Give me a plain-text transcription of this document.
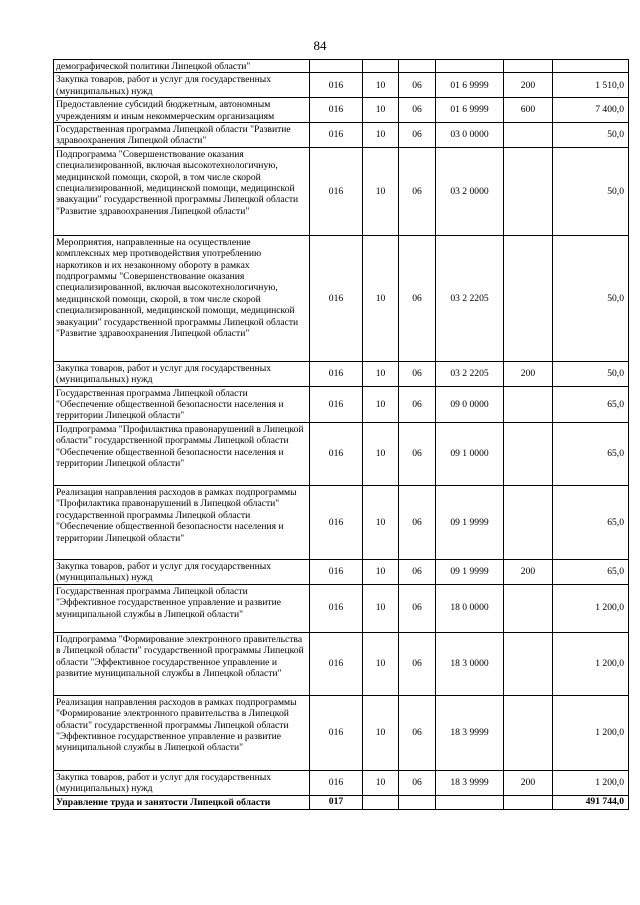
84
демографической политики Липецкой области"						
Закупка товаров, работ и услуг для государственных (муниципальных) нужд	016	10	06	01 6 9999	200	1 510,0
Предоставление субсидий бюджетным, автономным учреждениям и иным некоммерческим организациям	016	10	06	01 6 9999	600	7 400,0
Государственная программа Липецкой области "Развитие здравоохранения Липецкой области"	016	10	06	03 0 0000		50,0
Подпрограмма "Совершенствование оказания специализированной, включая высокотехнологичную, медицинской помощи, скорой, в том числе скорой специализированной, медицинской помощи, медицинской эвакуации" государственной программы Липецкой области "Развитие здравоохранения Липецкой области"	016	10	06	03 2 0000		50,0
Мероприятия, направленные на осуществление комплексных мер противодействия употреблению наркотиков и их незаконному обороту в рамках подпрограммы "Совершенствование оказания специализированной, включая высокотехнологичную, медицинской помощи, скорой, в том числе скорой специализированной, медицинской помощи, медицинской эвакуации" государственной программы Липецкой области "Развитие здравоохранения Липецкой области"	016	10	06	03 2 2205		50,0
Закупка товаров, работ и услуг для государственных (муниципальных) нужд	016	10	06	03 2 2205	200	50,0
Государственная программа Липецкой области "Обеспечение общественной безопасности населения и территории Липецкой области"	016	10	06	09 0 0000		65,0
Подпрограмма "Профилактика правонарушений в Липецкой области" государственной программы Липецкой области "Обеспечение общественной безопасности населения и территории Липецкой области"	016	10	06	09 1 0000		65,0
Реализация направления расходов в рамках подпрограммы "Профилактика правонарушений в Липецкой области" государственной программы Липецкой области "Обеспечение общественной безопасности населения и территории Липецкой области"	016	10	06	09 1 9999		65,0
Закупка товаров, работ и услуг для государственных (муниципальных) нужд	016	10	06	09 1 9999	200	65,0
Государственная программа Липецкой области "Эффективное государственное управление и развитие муниципальной службы в Липецкой области"	016	10	06	18 0 0000		1 200,0
Подпрограмма "Формирование электронного правительства в Липецкой области" государственной программы Липецкой области "Эффективное государственное управление и развитие муниципальной службы в Липецкой области"	016	10	06	18 3 0000		1 200,0
Реализация направления расходов в рамках подпрограммы "Формирование электронного правительства в Липецкой области" государственной программы Липецкой области "Эффективное государственное управление и развитие муниципальной службы в Липецкой области"	016	10	06	18 3 9999		1 200,0
Закупка товаров, работ и услуг для государственных (муниципальных) нужд	016	10	06	18 3 9999	200	1 200,0
Управление труда и занятости Липецкой области	017					491 744,0
